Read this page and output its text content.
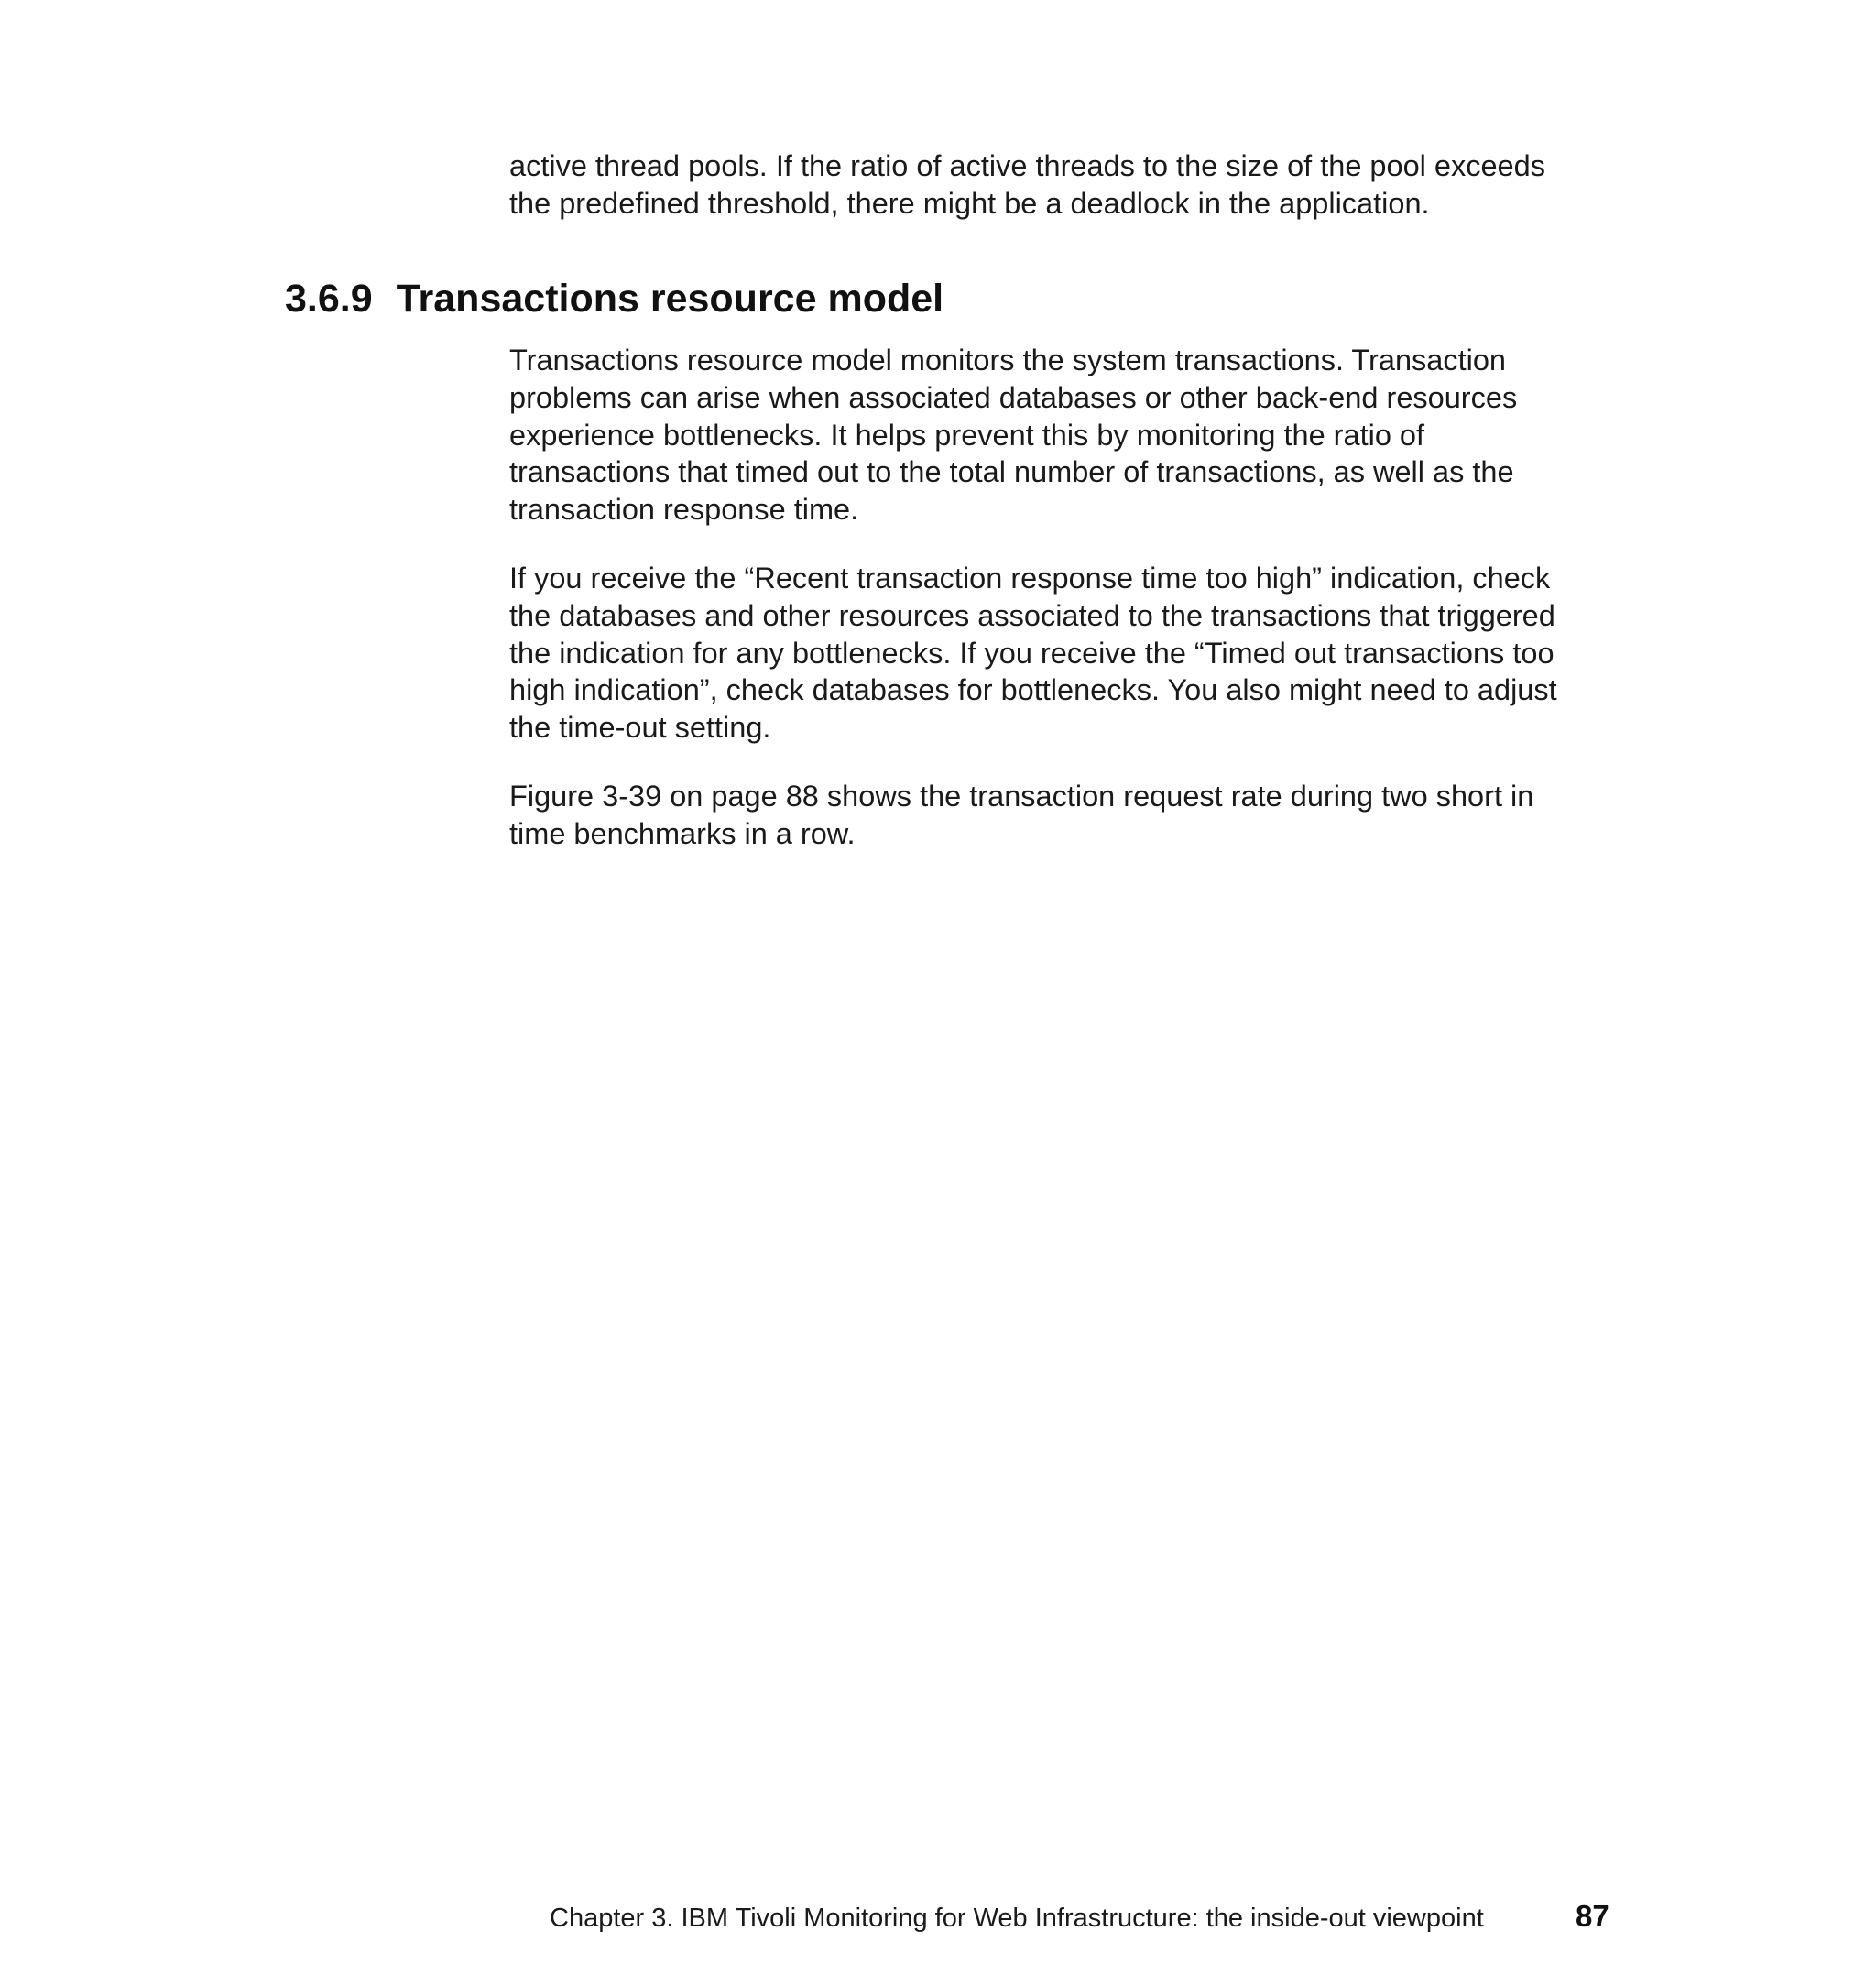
active thread pools. If the ratio of active threads to the size of the pool exceeds
the predefined threshold, there might be a deadlock in the application.

3.6.9 Transactions resource model

Transactions resource model monitors the system transactions. Transaction
problems can arise when associated databases or other back-end resources
experience bottlenecks. It helps prevent this by monitoring the ratio of
transactions that timed out to the total number of transactions, as well as the
transaction response time.

If you receive the “Recent transaction response time too high” indication, check
the databases and other resources associated to the transactions that triggered
the indication for any bottlenecks. If you receive the “Timed out transactions too
high indication”, check databases for bottlenecks. You also might need to adjust
the time-out setting.

Figure 3-39 on page 88 shows the transaction request rate during two short in
time benchmarks in a row.

Chapter 3. IBM Tivoli Monitoring for Web Infrastructure: the inside-out viewpoint	87
